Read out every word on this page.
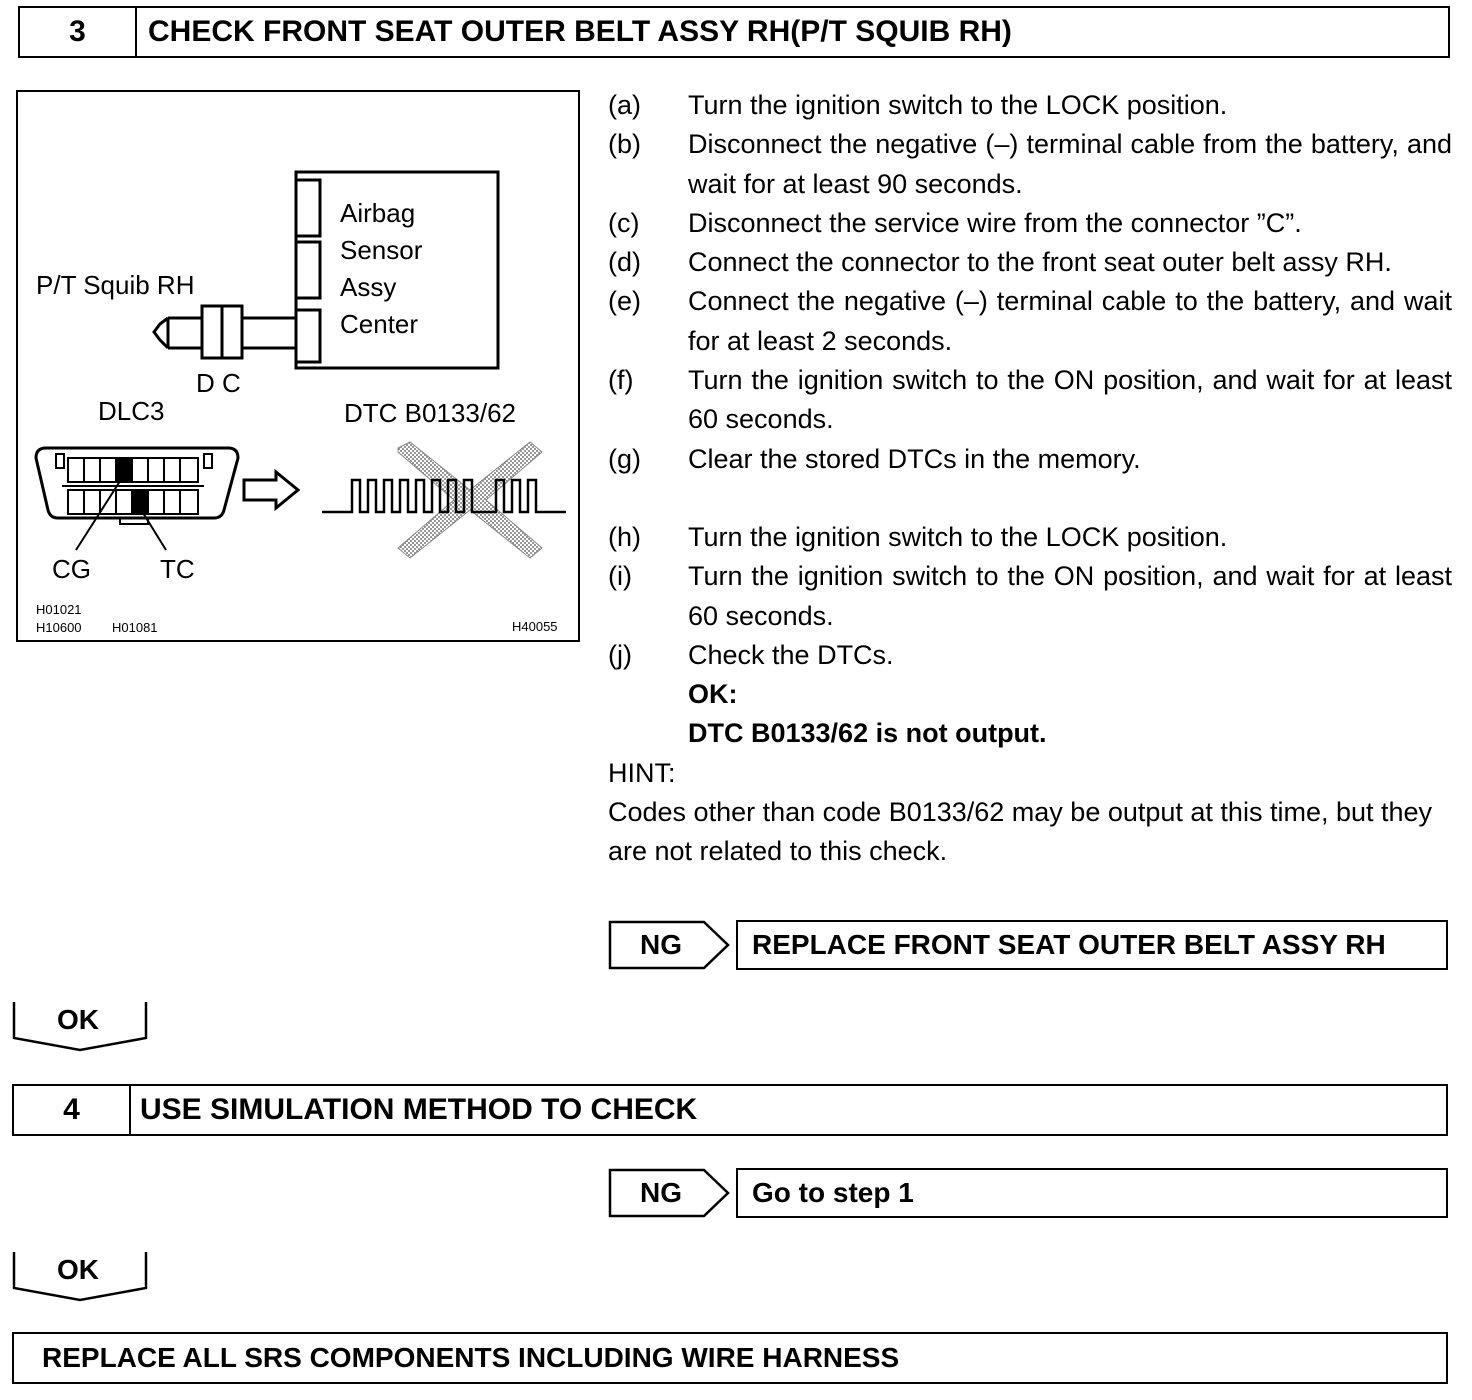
3	CHECK FRONT SEAT OUTER BELT ASSY RH(P/T SQUIB RH)
Airbag
Sensor
Assy
Center
P/T Squib RH
D C
DLC3	DTC B0133/62
CG	TC
H01021
H10600 H01081	H40055
(a)	Turn the ignition switch to the LOCK position.
(b)	Disconnect the negative (–) terminal cable from the battery, and wait for at least 90 seconds.
(c)	Disconnect the service wire from the connector ”C”.
(d)	Connect the connector to the front seat outer belt assy RH.
(e)	Connect the negative (–) terminal cable to the battery, and wait for at least 2 seconds.
(f)	Turn the ignition switch to the ON position, and wait for at least 60 seconds.
(g)	Clear the stored DTCs in the memory.
(h)	Turn the ignition switch to the LOCK position.
(i)	Turn the ignition switch to the ON position, and wait for at least 60 seconds.
(j)	Check the DTCs.
OK:
DTC B0133/62 is not output.
HINT:
Codes other than code B0133/62 may be output at this time, but they are not related to this check.
NG	REPLACE FRONT SEAT OUTER BELT ASSY RH
OK
4	USE SIMULATION METHOD TO CHECK
NG	Go to step 1
OK
REPLACE ALL SRS COMPONENTS INCLUDING WIRE HARNESS
